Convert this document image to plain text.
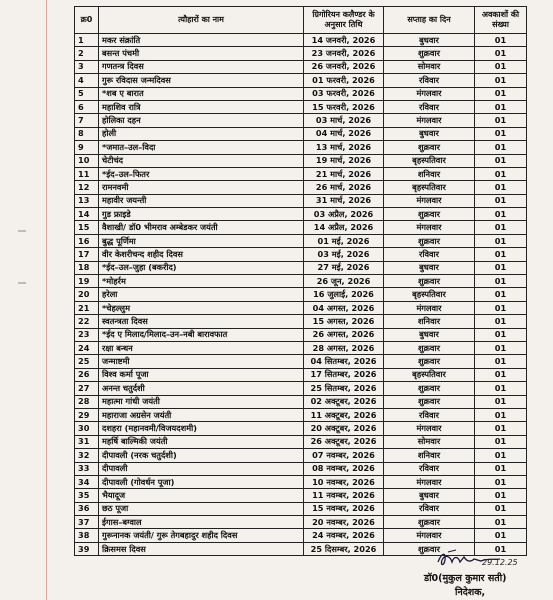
क्र0	त्यौहारों का नाम	ग्रिगोरियन कलैण्डर के अनुसार तिथि	सप्ताह का दिन	अवकाशों की संख्या
1	मकर संक्रांति	14 जनवरी, 2026	बुधवार	01
2	बसन्त पंचमी	23 जनवरी, 2026	शुक्रवार	01
3	गणतन्त्र दिवस	26 जनवरी, 2026	सोमवार	01
4	गुरू रविदास जन्मदिवस	01 फरवरी, 2026	रविवार	01
5	*शब ए बारात	03 फरवरी, 2026	मंगलवार	01
6	महाशिव रात्रि	15 फरवरी, 2026	रविवार	01
7	होलिका दहन	03 मार्च, 2026	मंगलवार	01
8	होली	04 मार्च, 2026	बुधवार	01
9	*जमात–उल–विदा	13 मार्च, 2026	शुक्रवार	01
10	चेटीचंद	19 मार्च, 2026	बृहस्पतिवार	01
11	*ईद–उल–फितर	21 मार्च, 2026	शनिवार	01
12	रामनवमी	26 मार्च, 2026	बृहस्पतिवार	01
13	महावीर जयन्ती	31 मार्च, 2026	मंगलवार	01
14	गुड फ्राइडे	03 अप्रैल, 2026	शुक्रवार	01
15	वैशाखी/ डॉ0 भीमराव अम्बेडकर जयंती	14 अप्रैल, 2026	मंगलवार	01
16	बुद्ध पूर्णिमा	01 मई, 2026	शुक्रवार	01
17	वीर केशरीचन्द शहीद दिवस	03 मई, 2026	रविवार	01
18	*ईद–उल–जुहा (बकरीद)	27 मई, 2026	बुधवार	01
19	*मोहर्रम	26 जून, 2026	शुक्रवार	01
20	हरेला	16 जुलाई, 2026	बृहस्पतिवार	01
21	*चेहल्लुम	04 अगस्त, 2026	मंगलवार	01
22	स्वतन्त्रता दिवस	15 अगस्त, 2026	शनिवार	01
23	*ईद ए मिलाद/मिलाद–उन–नबी बारावफात	26 अगस्त, 2026	बुधवार	01
24	रक्षा बन्धन	28 अगस्त, 2026	शुक्रवार	01
25	जन्माष्टमी	04 सितम्बर, 2026	शुक्रवार	01
26	विश्व कर्मा पूजा	17 सितम्बर, 2026	बृहस्पतिवार	01
27	अनन्त चतुर्दशी	25 सितम्बर, 2026	शुक्रवार	01
28	महात्मा गांधी जयंती	02 अक्टूबर, 2026	शुक्रवार	01
29	महाराजा अग्रसेन जयंती	11 अक्टूबर, 2026	रविवार	01
30	दशहरा (महानवमी/विजयदशमी)	20 अक्टूबर, 2026	मंगलवार	01
31	महर्षि बाल्मिकी जयंती	26 अक्टूबर, 2026	सोमवार	01
32	दीपावली (नरक चतुर्दशी)	07 नवम्बर, 2026	शनिवार	01
33	दीपावली	08 नवम्बर, 2026	रविवार	01
34	दीपावली (गोवर्धन पूजा)	10 नवम्बर, 2026	मंगलवार	01
35	भैयादूज	11 नवम्बर, 2026	बुधवार	01
36	छठ पूजा	15 नवम्बर, 2026	रविवार	01
37	ईगास–बग्वाल	20 नवम्बर, 2026	शुक्रवार	01
38	गुरूनानक जयंती/ गुरू तेगबहादुर शहीद दिवस	24 नवम्बर, 2026	मंगलवार	01
39	क्रिसमस दिवस	25 दिसम्बर, 2026	शुक्रवार	01
29.12.25
डॉ0(मुकुल कुमार सती)
निदेशक,
